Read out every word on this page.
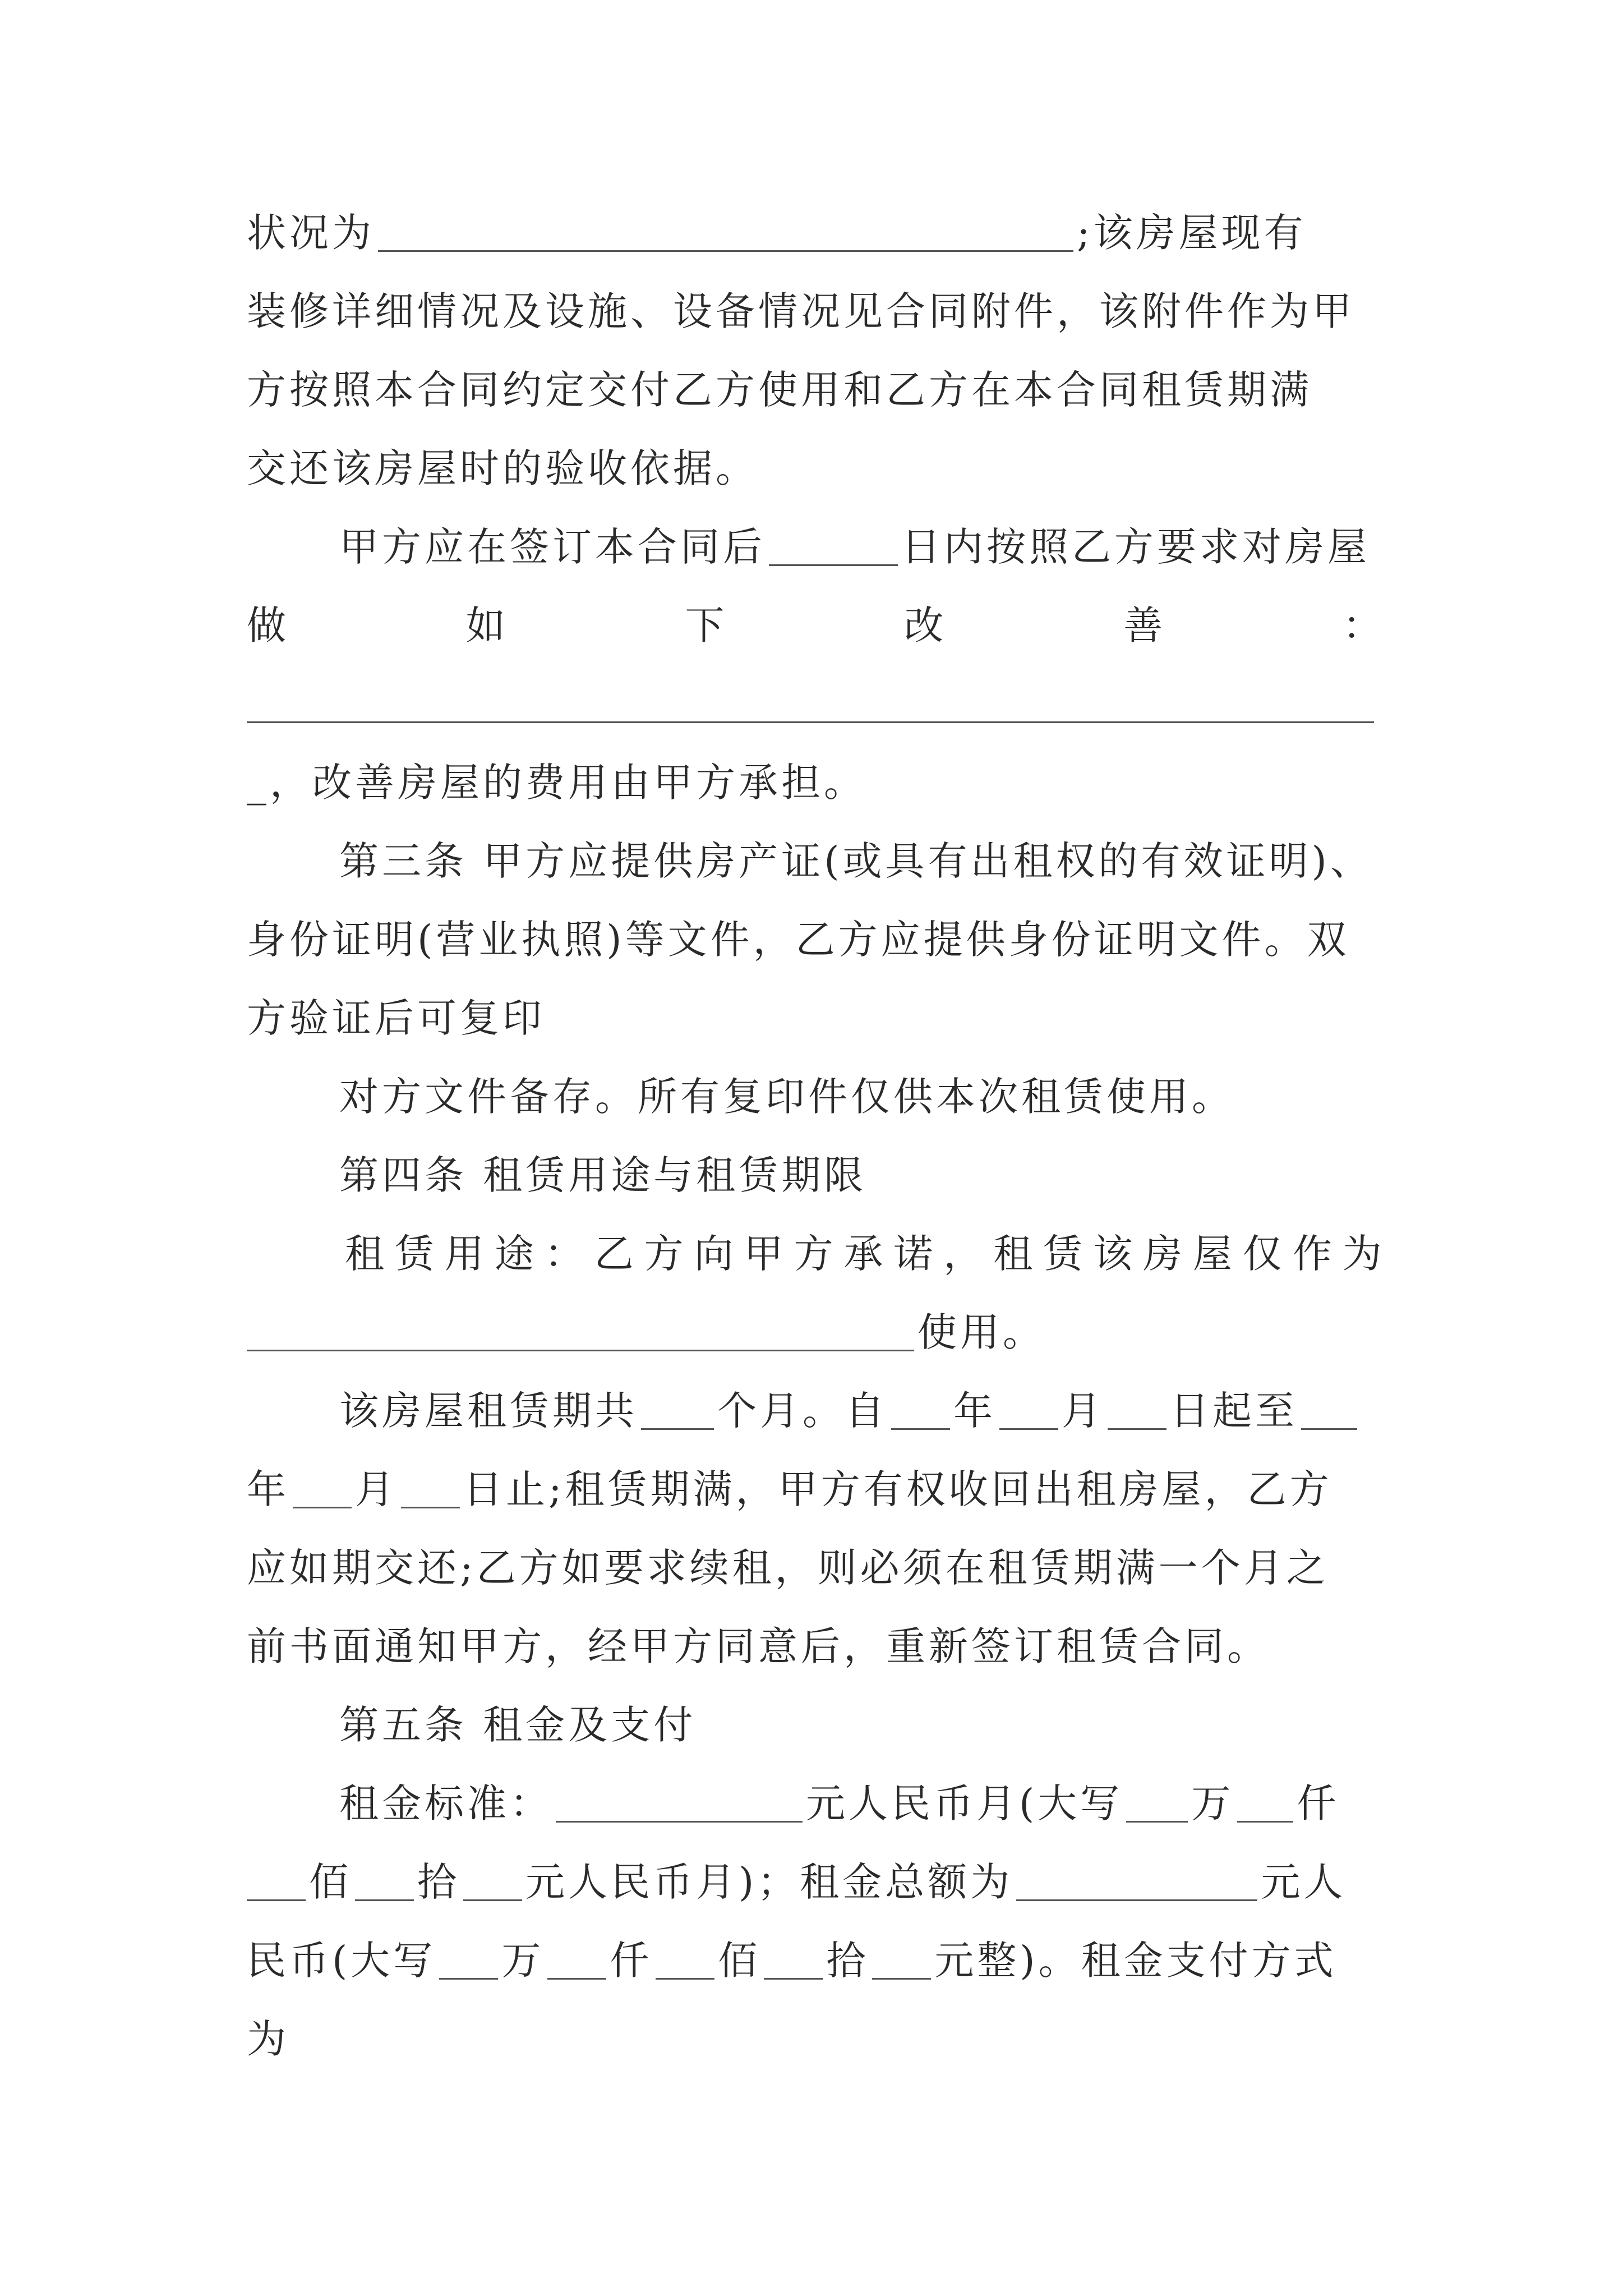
状况为	;该房屋现有
装修详细情况及设施、设备情况见合同附件，该附件作为甲
方按照本合同约定交付乙方使用和乙方在本合同租赁期满
交还该房屋时的验收依据。
甲方应在签订本合同后	日内按照乙方要求对房屋
做	如	下	改	善	：
_，改善房屋的费用由甲方承担。
第三条 甲方应提供房产证(或具有出租权的有效证明)、
身份证明(营业执照)等文件，乙方应提供身份证明文件。双
方验证后可复印
对方文件备存。所有复印件仅供本次租赁使用。
第四条 租赁用途与租赁期限
租 赁 用 途 ： 乙 方 向 甲 方 承 诺 ， 租 赁 该 房 屋 仅 作 为
使用。
该房屋租赁期共 个月。自 年 月 日起至
年 月 日止;租赁期满，甲方有权收回出租房屋，乙方
应如期交还;乙方如要求续租，则必须在租赁期满一个月之
前书面通知甲方，经甲方同意后，重新签订租赁合同。
第五条 租金及支付
租金标准：	元人民币月(大写 万 仟
佰 拾 元人民币月)；租金总额为	元人
民币(大写 万 仟 佰 拾 元整)。租金支付方式
为
